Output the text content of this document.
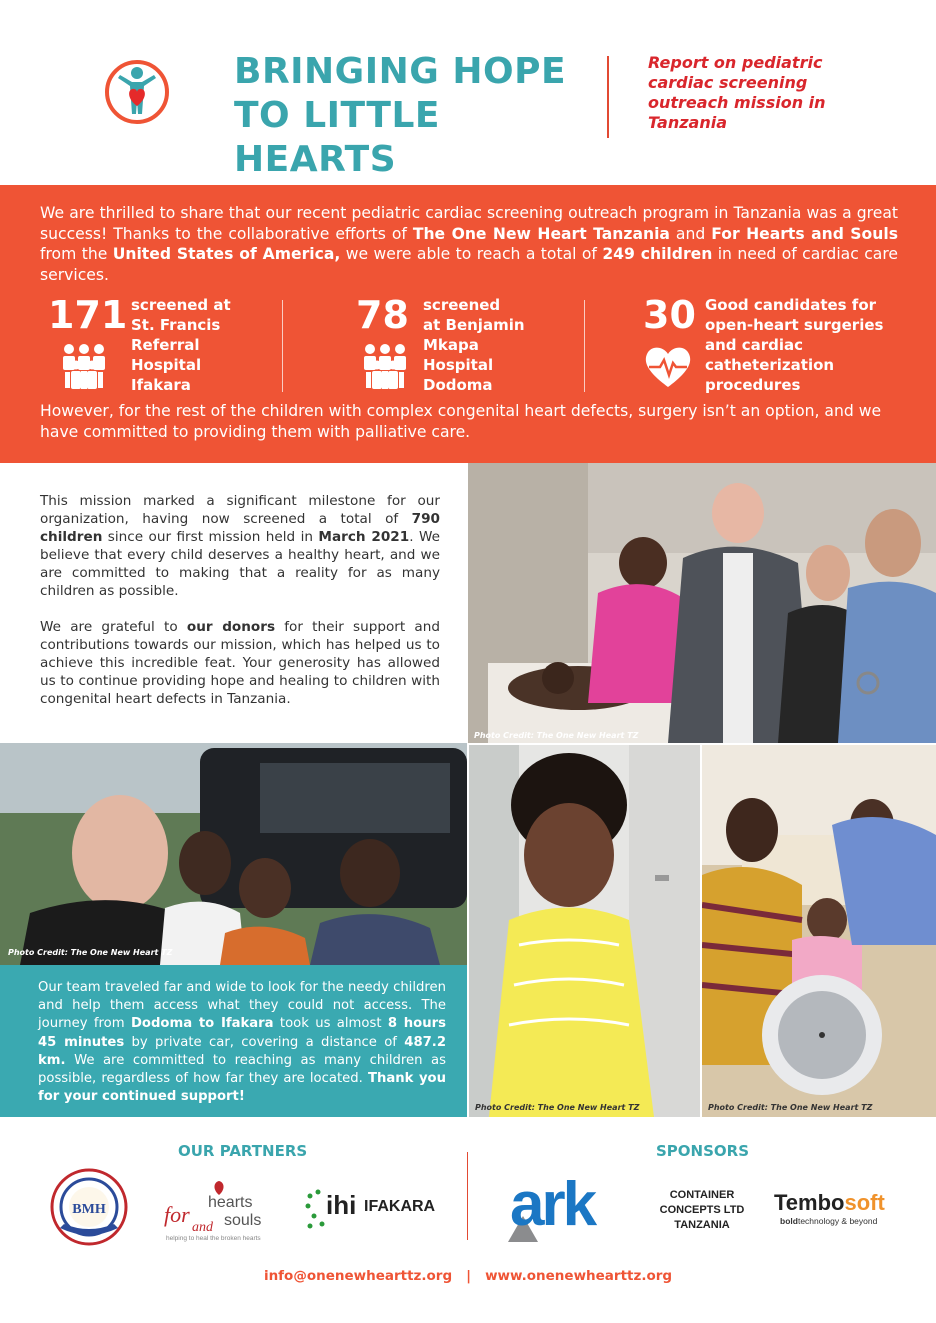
BRINGING HOPE
TO LITTLE HEARTS
Report on pediatric cardiac screening outreach mission in Tanzania
We are thrilled to share that our recent pediatric cardiac screening outreach program in Tanzania was a great success! Thanks to the collaborative efforts of The One New Heart Tanzania and For Hearts and Souls from the United States of America, we were able to reach a total of 249 children in need of cardiac care services.
171 screened at
St. Francis
Referral
Hospital
Ifakara
78 screened
at Benjamin
Mkapa
Hospital
Dodoma
30 Good candidates for
open-heart surgeries
and cardiac
catheterization
procedures
However, for the rest of the children with complex congenital heart defects, surgery isn’t an option, and we have committed to providing them with palliative care.

This mission marked a significant milestone for our organization, having now screened a total of 790 children since our first mission held in March 2021. We believe that every child deserves a healthy heart, and we are committed to making that a reality for as many children as possible.

We are grateful to our donors for their support and contributions towards our mission, which has helped us to achieve this incredible feat. Your generosity has allowed us to continue providing hope and healing to children with congenital heart defects in Tanzania.

Photo Credit: The One New Heart TZ
Photo Credit: The One New Heart TZ
Our team traveled far and wide to look for the needy children and help them access what they could not access. The journey from Dodoma to Ifakara took us almost 8 hours 45 minutes by private car, covering a distance of 487.2 km. We are committed to reaching as many children as possible, regardless of how far they are located. Thank you for your continued support!
Photo Credit: The One New Heart TZ	Photo Credit: The One New Heart TZ
OUR PARTNERS
BMH	for hearts
and souls
helping to heal the broken hearts
ihi IFAKARA
SPONSORS
ark	CONTAINER
CONCEPTS LTD
TANZANIA
Tembosoft
boldtechnology & beyond
info@onenewhearttz.org | www.onenewhearttz.org
